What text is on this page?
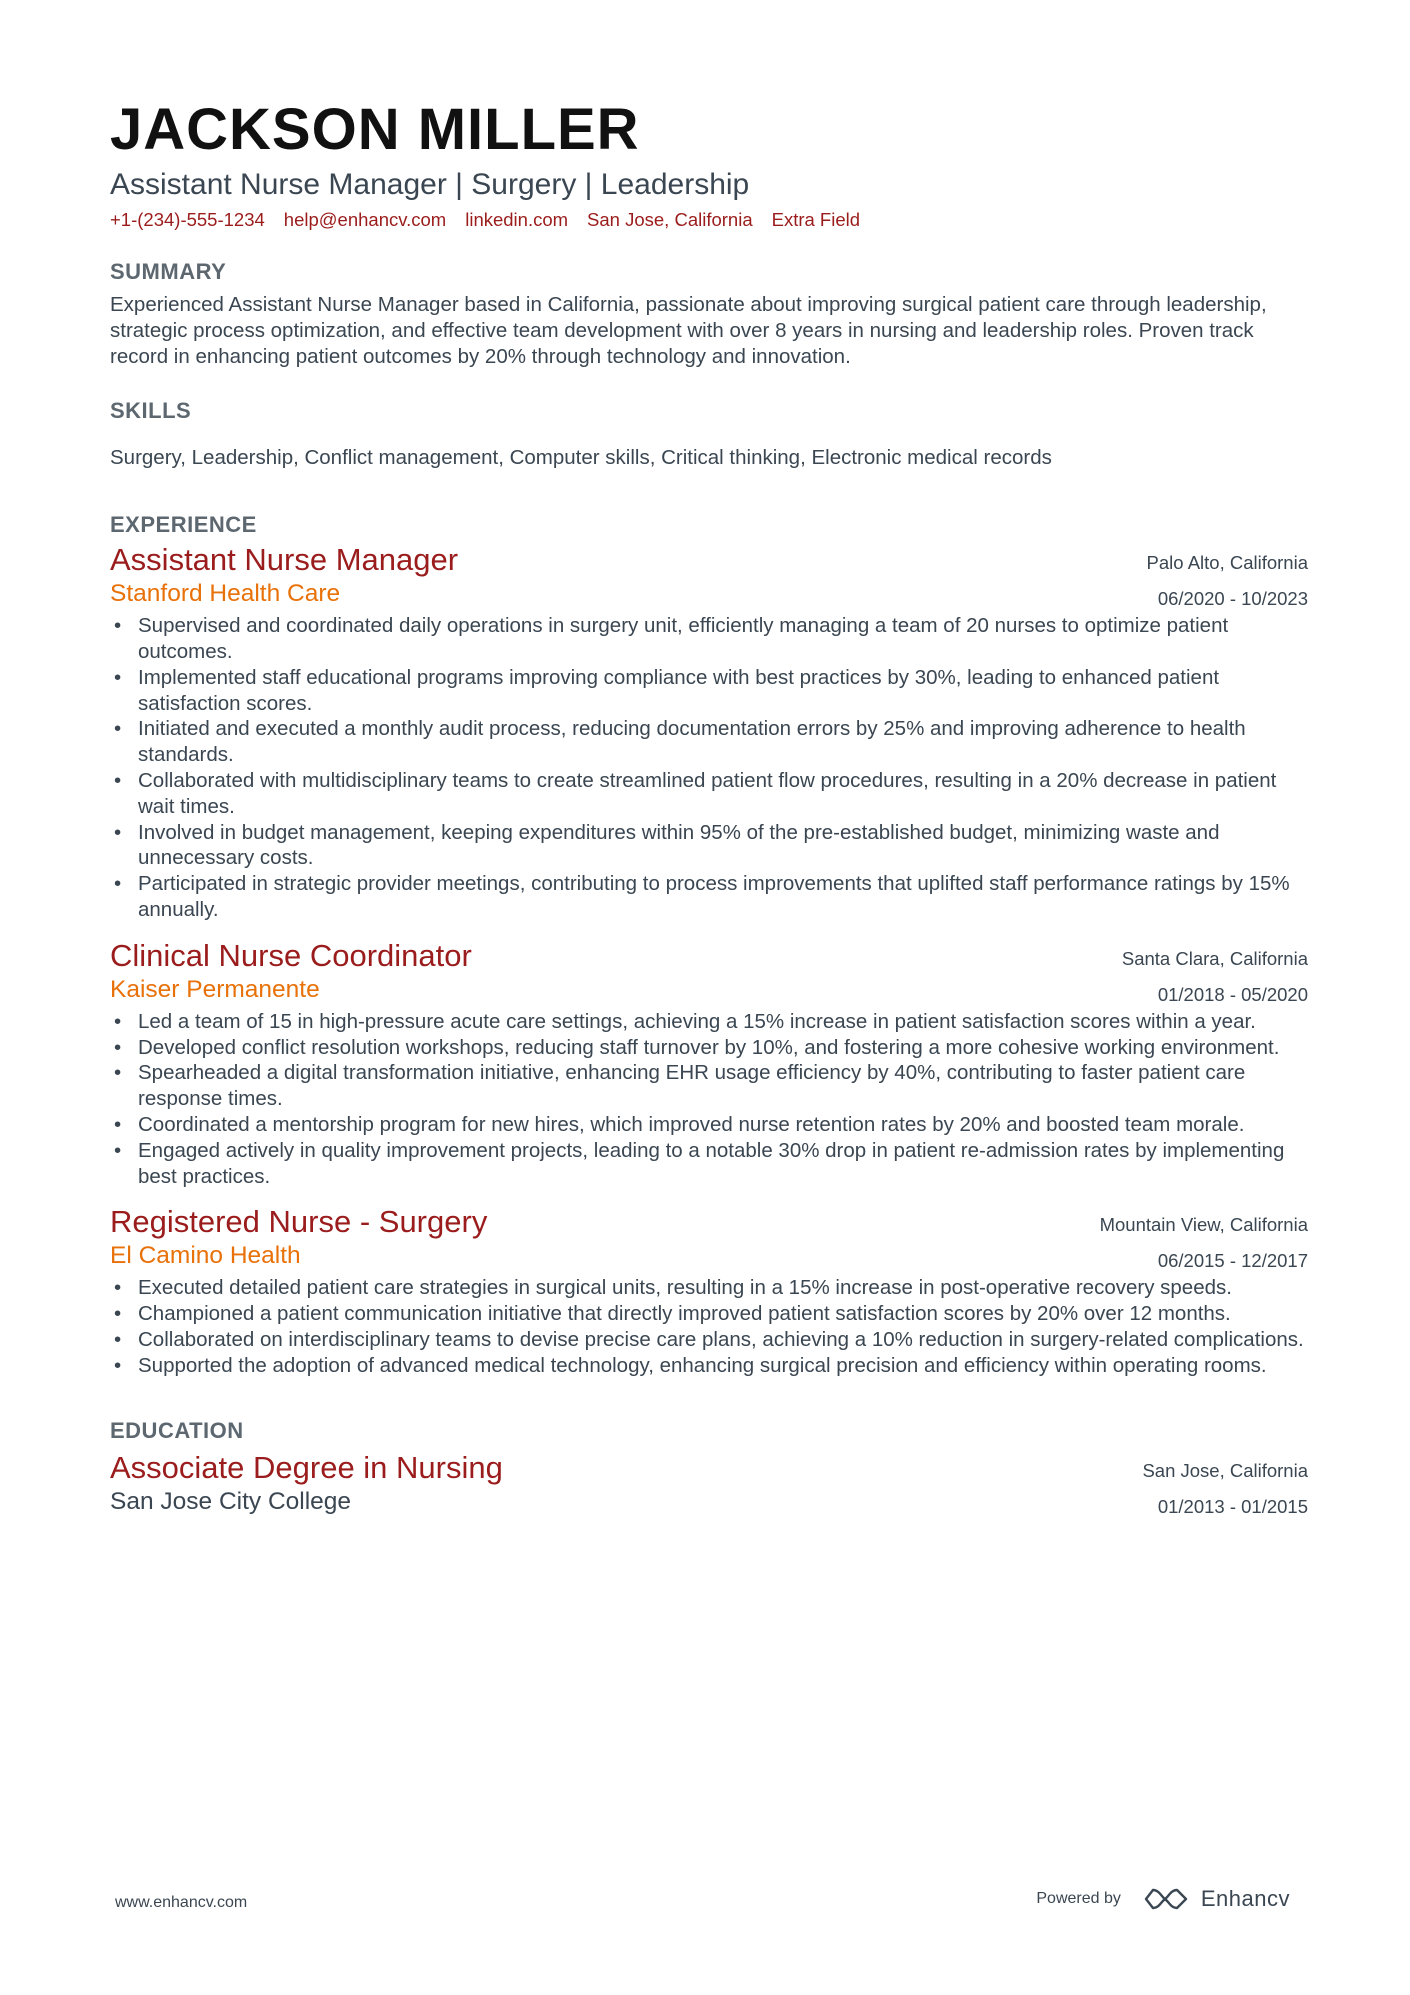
JACKSON MILLER
Assistant Nurse Manager | Surgery | Leadership
+1-(234)-555-1234 help@enhancv.com linkedin.com San Jose, California Extra Field
SUMMARY
Experienced Assistant Nurse Manager based in California, passionate about improving surgical patient care through leadership, strategic process optimization, and effective team development with over 8 years in nursing and leadership roles. Proven track record in enhancing patient outcomes by 20% through technology and innovation.
SKILLS
Surgery, Leadership, Conflict management, Computer skills, Critical thinking, Electronic medical records
EXPERIENCE
Assistant Nurse Manager
Stanford Health Care
Palo Alto, California
06/2020 - 10/2023
• Supervised and coordinated daily operations in surgery unit, efficiently managing a team of 20 nurses to optimize patient outcomes.
• Implemented staff educational programs improving compliance with best practices by 30%, leading to enhanced patient satisfaction scores.
• Initiated and executed a monthly audit process, reducing documentation errors by 25% and improving adherence to health standards.
• Collaborated with multidisciplinary teams to create streamlined patient flow procedures, resulting in a 20% decrease in patient wait times.
• Involved in budget management, keeping expenditures within 95% of the pre-established budget, minimizing waste and unnecessary costs.
• Participated in strategic provider meetings, contributing to process improvements that uplifted staff performance ratings by 15% annually.
Clinical Nurse Coordinator
Kaiser Permanente
Santa Clara, California
01/2018 - 05/2020
• Led a team of 15 in high-pressure acute care settings, achieving a 15% increase in patient satisfaction scores within a year.
• Developed conflict resolution workshops, reducing staff turnover by 10%, and fostering a more cohesive working environment.
• Spearheaded a digital transformation initiative, enhancing EHR usage efficiency by 40%, contributing to faster patient care response times.
• Coordinated a mentorship program for new hires, which improved nurse retention rates by 20% and boosted team morale.
• Engaged actively in quality improvement projects, leading to a notable 30% drop in patient re-admission rates by implementing best practices.
Registered Nurse - Surgery
El Camino Health
Mountain View, California
06/2015 - 12/2017
• Executed detailed patient care strategies in surgical units, resulting in a 15% increase in post-operative recovery speeds.
• Championed a patient communication initiative that directly improved patient satisfaction scores by 20% over 12 months.
• Collaborated on interdisciplinary teams to devise precise care plans, achieving a 10% reduction in surgery-related complications.
• Supported the adoption of advanced medical technology, enhancing surgical precision and efficiency within operating rooms.
EDUCATION
Associate Degree in Nursing
San Jose City College
San Jose, California
01/2013 - 01/2015
www.enhancv.com	Powered by	Enhancv
